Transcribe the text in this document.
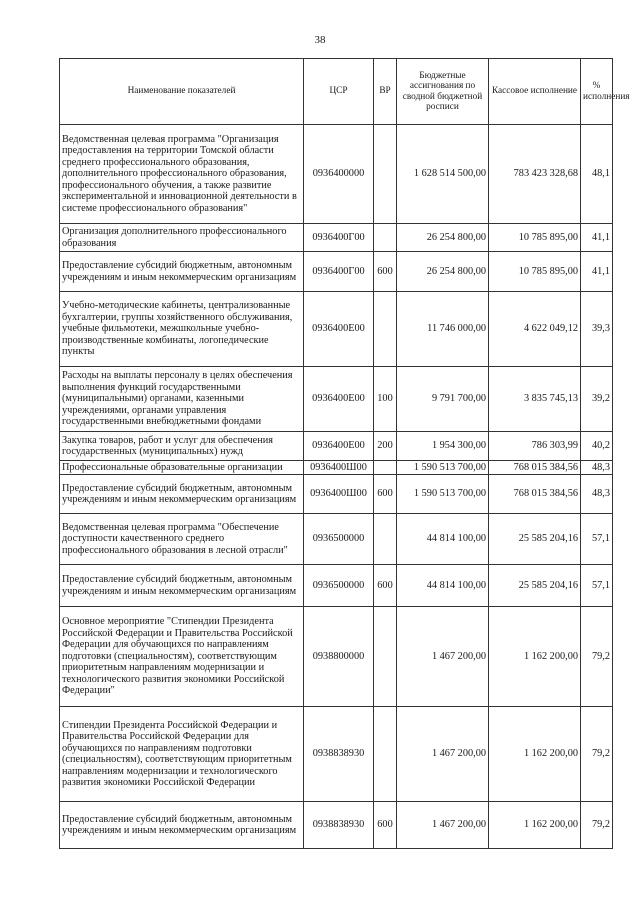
38
Наименование показателей	ЦСР	ВР	Бюджетные ассигнования по сводной бюджетной росписи	Кассовое исполнение	% исполнения
Ведомственная целевая программа "Организация предоставления на территории Томской области среднего профессионального образования, дополнительного профессионального образования, профессионального обучения, а также развитие экспериментальной и инновационной деятельности в системе профессионального образования"	0936400000		1 628 514 500,00	783 423 328,68	48,1
Организация дополнительного профессионального образования	0936400Г00		26 254 800,00	10 785 895,00	41,1
Предоставление субсидий бюджетным, автономным учреждениям и иным некоммерческим организациям	0936400Г00	600	26 254 800,00	10 785 895,00	41,1
Учебно-методические кабинеты, централизованные бухгалтерии, группы хозяйственного обслуживания, учебные фильмотеки, межшкольные учебно-производственные комбинаты, логопедические пункты	0936400Е00		11 746 000,00	4 622 049,12	39,3
Расходы на выплаты персоналу в целях обеспечения выполнения функций государственными (муниципальными) органами, казенными учреждениями, органами управления государственными внебюджетными фондами	0936400Е00	100	9 791 700,00	3 835 745,13	39,2
Закупка товаров, работ и услуг для обеспечения государственных (муниципальных) нужд	0936400Е00	200	1 954 300,00	786 303,99	40,2
Профессиональные образовательные организации	0936400Ш00		1 590 513 700,00	768 015 384,56	48,3
Предоставление субсидий бюджетным, автономным учреждениям и иным некоммерческим организациям	0936400Ш00	600	1 590 513 700,00	768 015 384,56	48,3
Ведомственная целевая программа "Обеспечение доступности качественного среднего профессионального образования в лесной отрасли"	0936500000		44 814 100,00	25 585 204,16	57,1
Предоставление субсидий бюджетным, автономным учреждениям и иным некоммерческим организациям	0936500000	600	44 814 100,00	25 585 204,16	57,1
Основное мероприятие "Стипендии Президента Российской Федерации и Правительства Российской Федерации для обучающихся по направлениям подготовки (специальностям), соответствующим приоритетным направлениям модернизации и технологического развития экономики Российской Федерации"	0938800000		1 467 200,00	1 162 200,00	79,2
Стипендии Президента Российской Федерации и Правительства Российской Федерации для обучающихся по направлениям подготовки (специальностям), соответствующим приоритетным направлениям модернизации и технологического развития экономики Российской Федерации	0938838930		1 467 200,00	1 162 200,00	79,2
Предоставление субсидий бюджетным, автономным учреждениям и иным некоммерческим организациям	0938838930	600	1 467 200,00	1 162 200,00	79,2
